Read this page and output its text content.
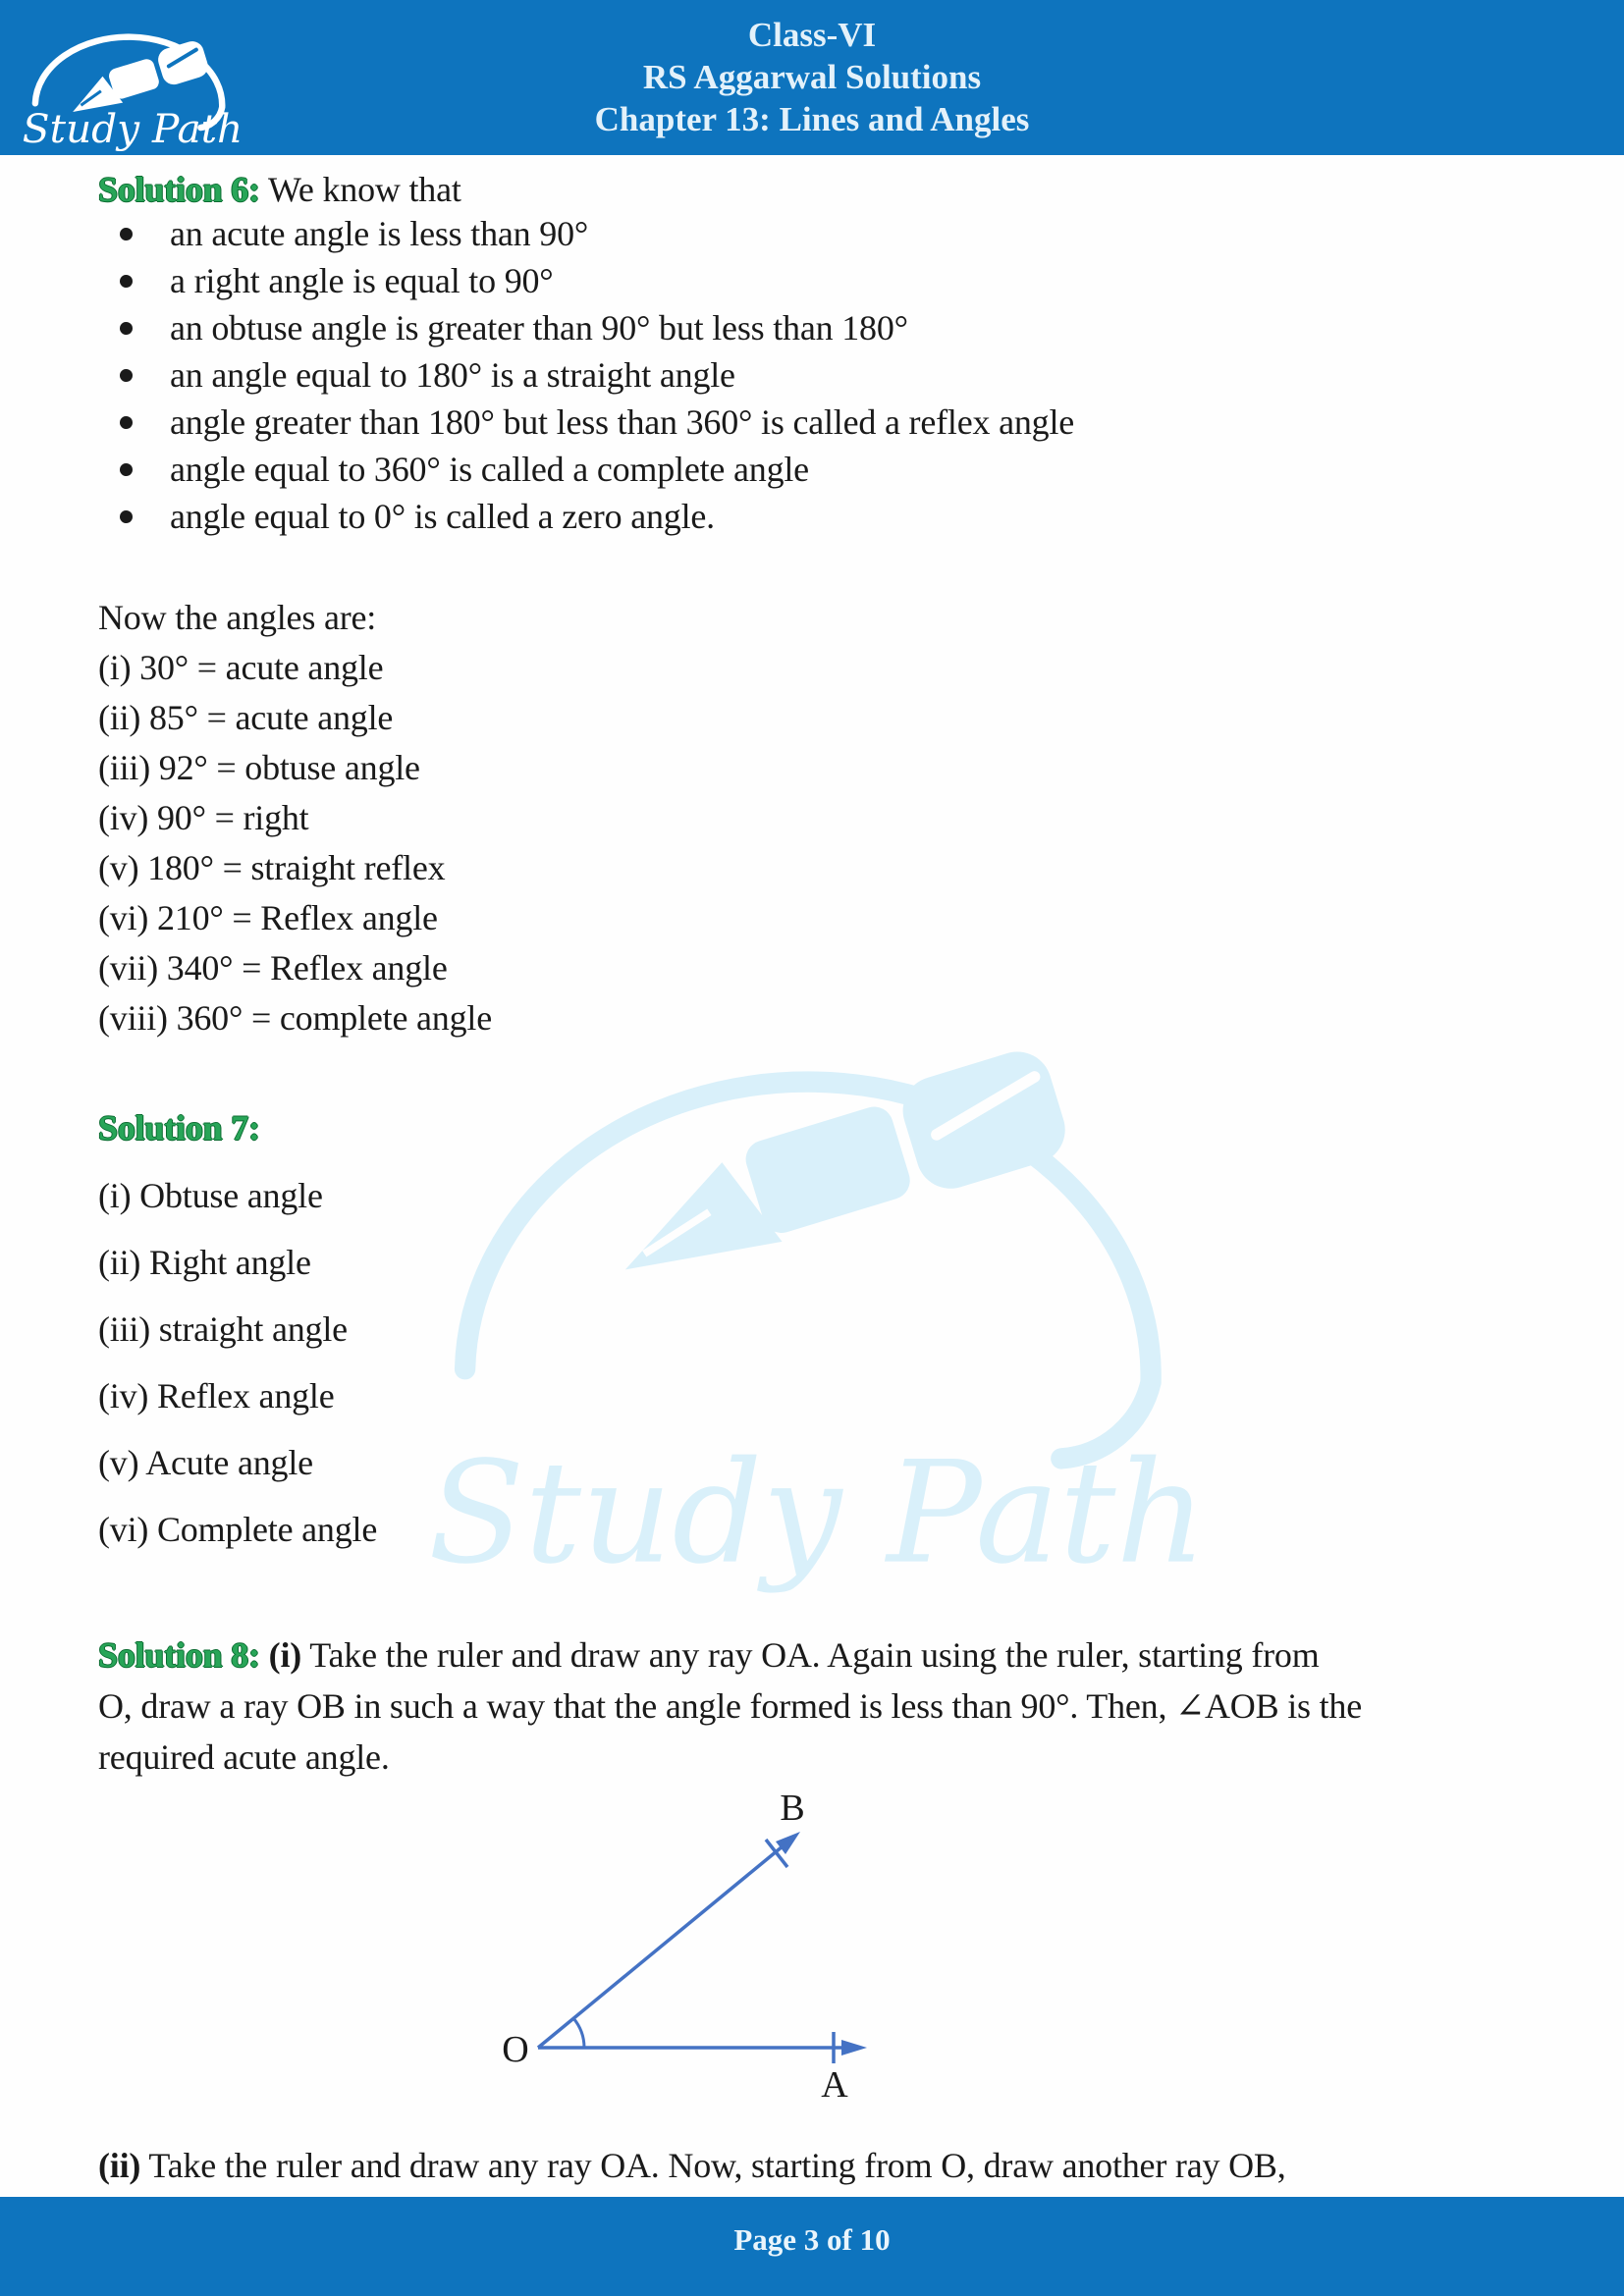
Study Path
Study Path
Class-VI
RS Aggarwal Solutions
Chapter 13: Lines and Angles
Solution 6: We know that
an acute angle is less than 90°
a right angle is equal to 90°
an obtuse angle is greater than 90° but less than 180°
an angle equal to 180° is a straight angle
angle greater than 180° but less than 360° is called a reflex angle
angle equal to 360° is called a complete angle
angle equal to 0° is called a zero angle.
Now the angles are:
(i) 30° = acute angle
(ii) 85° = acute angle
(iii) 92° = obtuse angle
(iv) 90° = right
(v) 180° = straight reflex
(vi) 210° = Reflex angle
(vii) 340° = Reflex angle
(viii) 360° = complete angle
Solution 7:
(i) Obtuse angle
(ii) Right angle
(iii) straight angle
(iv) Reflex angle
(v) Acute angle
(vi) Complete angle
Solution 8: (i) Take the ruler and draw any ray OA. Again using the ruler, starting from
O, draw a ray OB in such a way that the angle formed is less than 90°. Then, ∠AOB is the
required acute angle.
O
A
B
(ii) Take the ruler and draw any ray OA. Now, starting from O, draw another ray OB,
Page 3 of 10
